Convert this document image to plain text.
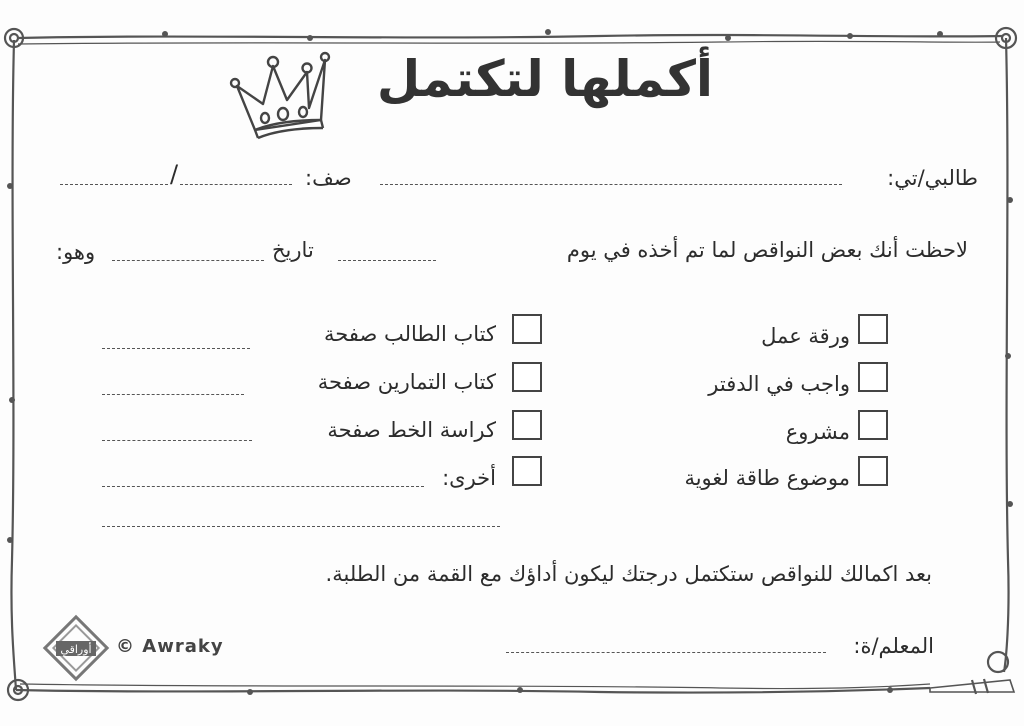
أكملها لتكتمل
طالبي/تي:
صف:
/
لاحظت أنك بعض النواقص لما تم أخذه في يوم
تاريخ
وهو:
ورقة عمل
واجب في الدفتر
مشروع
موضوع طاقة لغوية
كتاب الطالب صفحة
كتاب التمارين صفحة
كراسة الخط صفحة
أخرى:
بعد اكمالك للنواقص ستكتمل درجتك ليكون أداؤك مع القمة من الطلبة.
المعلم/ة:
أوراقي © Awraky
